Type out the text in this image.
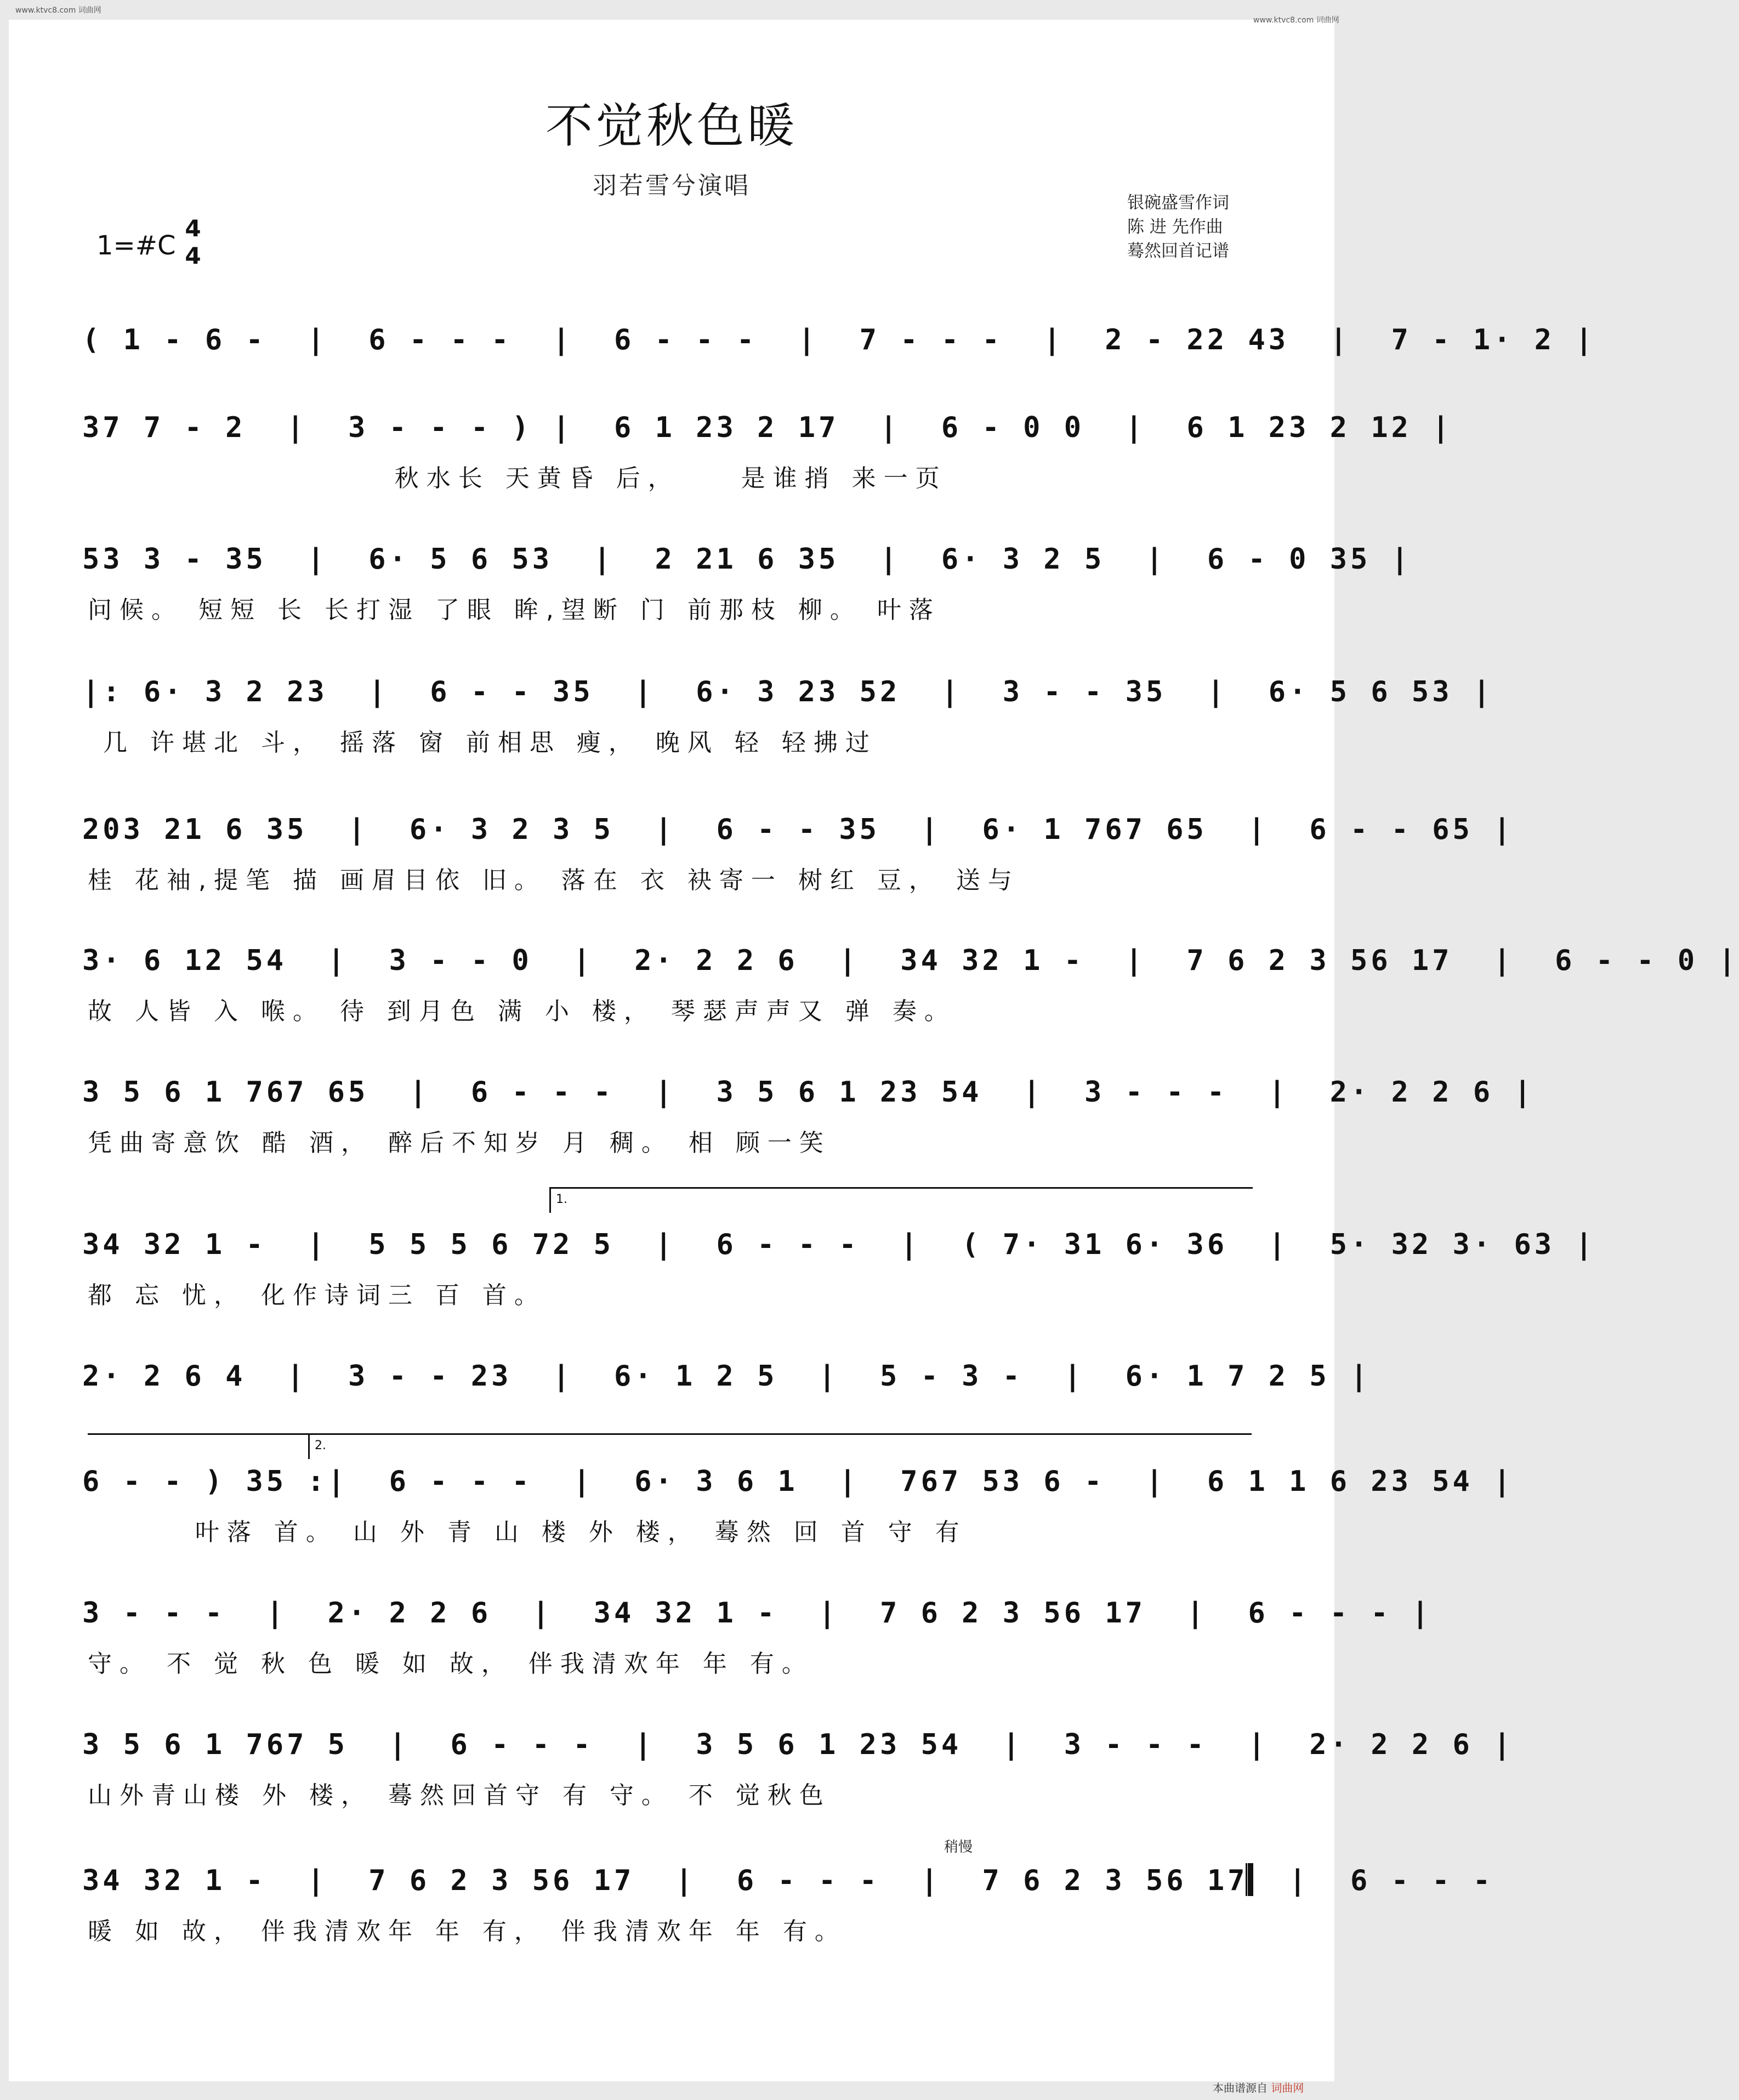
www.ktvc8.com 词曲网
www.ktvc8.com 词曲网
不觉秋色暖
羽若雪兮演唱
银碗盛雪作词
陈 进 先作曲
蓦然回首记谱
1=#C
4
4
( 1 - 6 -  |  6 - - -  |  6 - - -  |  7 - - -  |  2 - 22 43  |  7 - 1· 2 |
37 7 - 2  |  3 - - - ) |  6 1 23 2 17  |  6 - 0 0  |  6 1 23 2 12 |
秋水长 天黄昏 后，    是谁捎 来一页
53 3 - 35  |  6· 5 6 53  |  2 21 6 35  |  6· 3 2 5  |  6 - 0 35 |
问候。 短短 长 长打湿 了眼 眸,望断 门 前那枝 柳。 叶落
|: 6· 3 2 23  |  6 - - 35  |  6· 3 23 52  |  3 - - 35  |  6· 5 6 53 |
几 许堪北 斗， 摇落 窗 前相思 瘦， 晚风 轻 轻拂过
203 21 6 35  |  6· 3 2 3 5  |  6 - - 35  |  6· 1 767 65  |  6 - - 65 |
桂 花袖,提笔 描 画眉目依 旧。 落在 衣 袂寄一 树红 豆， 送与
3· 6 12 54  |  3 - - 0  |  2· 2 2 6  |  34 32 1 -  |  7 6 2 3 56 17  |  6 - - 0 |
故 人皆 入 喉。 待 到月色 满 小 楼， 琴瑟声声又 弹 奏。
3 5 6 1 767 65  |  6 - - -  |  3 5 6 1 23 54  |  3 - - -  |  2· 2 2 6 |
凭曲寄意饮 酷 酒， 醉后不知岁 月 稠。 相 顾一笑
1.
34 32 1 -  |  5 5 5 6 72 5  |  6 - - -  |  ( 7· 31 6· 36  |  5· 32 3· 63 |
都 忘 忧， 化作诗词三 百 首。
2· 2 6 4  |  3 - - 23  |  6· 1 2 5  |  5 - 3 -  |  6· 1 7 2 5 |
2.
6 - - ) 35 :|  6 - - -  |  6· 3 6 1  |  767 53 6 -  |  6 1 1 6 23 54 |
叶落 首。 山 外 青 山 楼 外 楼， 蓦然 回 首 守 有
3 - - -  |  2· 2 2 6  |  34 32 1 -  |  7 6 2 3 56 17  |  6 - - - |
守。 不 觉 秋 色 暖 如 故， 伴我清欢年 年 有。
3 5 6 1 767 5  |  6 - - -  |  3 5 6 1 23 54  |  3 - - -  |  2· 2 2 6 |
山外青山楼 外 楼， 蓦然回首守 有 守。 不 觉秋色
稍慢
34 32 1 -  |  7 6 2 3 56 17  |  6 - - -  |  7 6 2 3 56 17  |  6 - - -
暖 如 故， 伴我清欢年 年 有， 伴我清欢年 年 有。
本曲谱源自 词曲网
